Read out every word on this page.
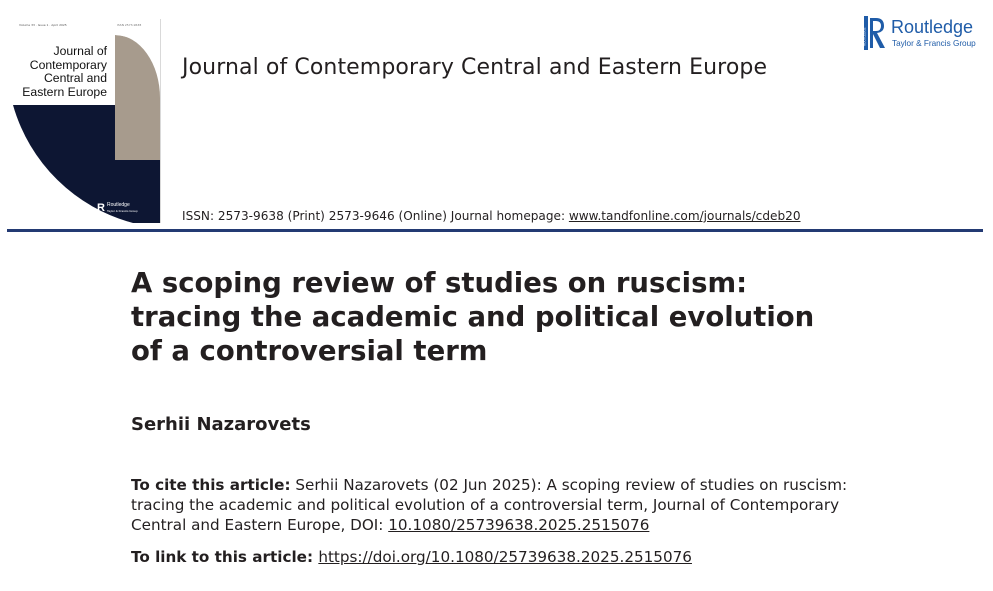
Volume 33 · Issue 1 · April 2025	ISSN 2573-9638
Journal of
Contemporary
Central and
Eastern Europe
R Routledge
Taylor & Francis Group
Journal of Contemporary Central and Eastern Europe
ISSN: 2573-9638 (Print) 2573-9646 (Online) Journal homepage: www.tandfonline.com/journals/cdeb20
ROUTLEDGE Routledge
Taylor & Francis Group
A scoping review of studies on ruscism: tracing the academic and political evolution of a controversial term
Serhii Nazarovets
To cite this article: Serhii Nazarovets (02 Jun 2025): A scoping review of studies on ruscism: tracing the academic and political evolution of a controversial term, Journal of Contemporary Central and Eastern Europe, DOI: 10.1080/25739638.2025.2515076
To link to this article: https://doi.org/10.1080/25739638.2025.2515076
